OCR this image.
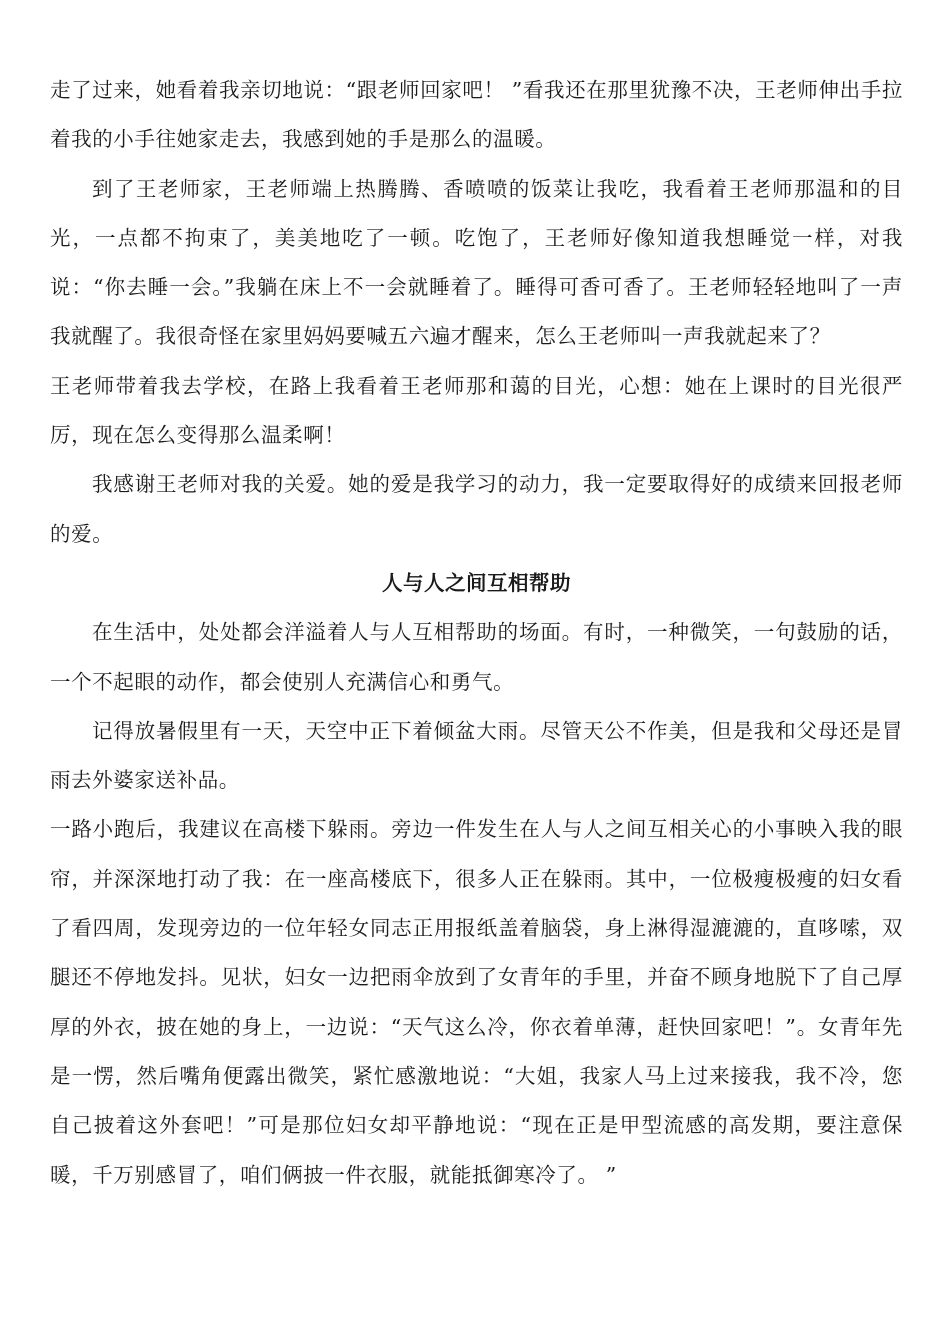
走了过来，她看着我亲切地说：“跟老师回家吧！ ”看我还在那里犹豫不决，王老师伸出手拉着我的小手往她家走去，我感到她的手是那么的温暖。

到了王老师家，王老师端上热腾腾、香喷喷的饭菜让我吃，我看着王老师那温和的目光，一点都不拘束了，美美地吃了一顿。吃饱了，王老师好像知道我想睡觉一样，对我说：“你去睡一会。”我躺在床上不一会就睡着了。睡得可香可香了。王老师轻轻地叫了一声我就醒了。我很奇怪在家里妈妈要喊五六遍才醒来，怎么王老师叫一声我就起来了？

王老师带着我去学校，在路上我看着王老师那和蔼的目光，心想：她在上课时的目光很严厉，现在怎么变得那么温柔啊！

我感谢王老师对我的关爱。她的爱是我学习的动力，我一定要取得好的成绩来回报老师的爱。

人与人之间互相帮助

在生活中，处处都会洋溢着人与人互相帮助的场面。有时，一种微笑，一句鼓励的话，一个不起眼的动作，都会使别人充满信心和勇气。

记得放暑假里有一天，天空中正下着倾盆大雨。尽管天公不作美，但是我和父母还是冒雨去外婆家送补品。

一路小跑后，我建议在高楼下躲雨。旁边一件发生在人与人之间互相关心的小事映入我的眼帘，并深深地打动了我：在一座高楼底下，很多人正在躲雨。其中，一位极瘦极瘦的妇女看了看四周，发现旁边的一位年轻女同志正用报纸盖着脑袋，身上淋得湿漉漉的，直哆嗦，双腿还不停地发抖。见状，妇女一边把雨伞放到了女青年的手里，并奋不顾身地脱下了自己厚厚的外衣，披在她的身上，一边说：“天气这么冷，你衣着单薄，赶快回家吧！”。女青年先是一愣，然后嘴角便露出微笑，紧忙感激地说：“大姐，我家人马上过来接我，我不冷，您自己披着这外套吧！”可是那位妇女却平静地说：“现在正是甲型流感的高发期，要注意保暖，千万别感冒了，咱们俩披一件衣服，就能抵御寒冷了。 ”
